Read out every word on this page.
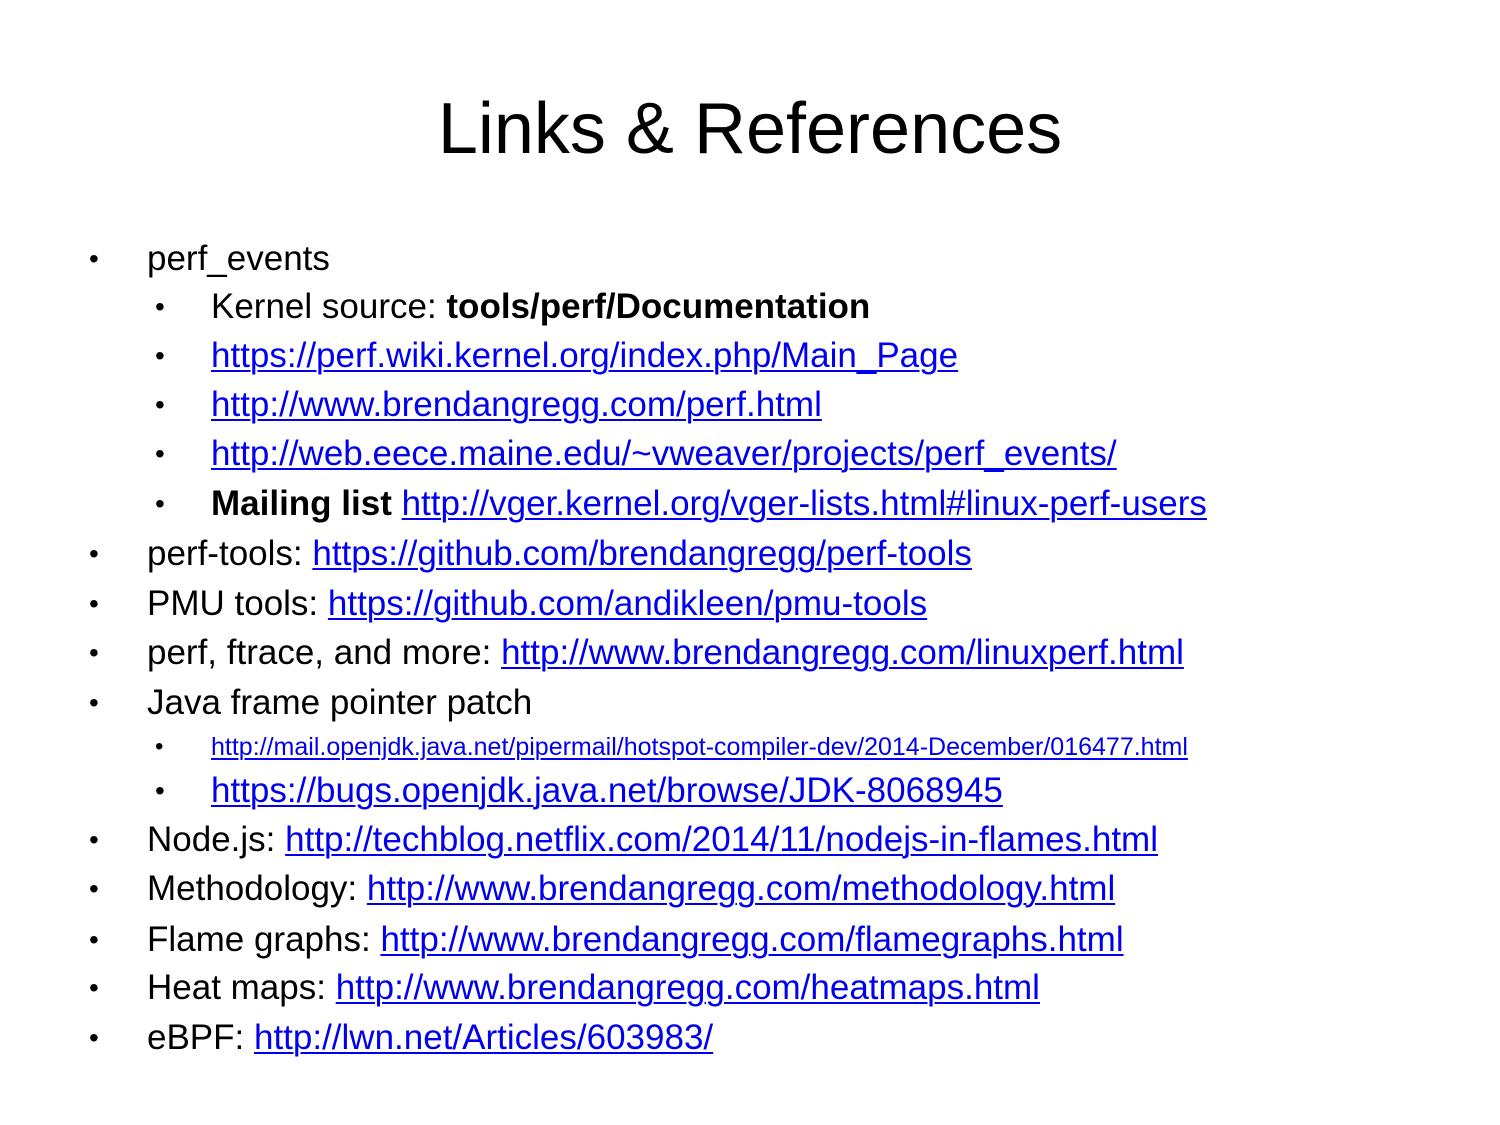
Links & References
• perf_events
• Kernel source: tools/perf/Documentation
• https://perf.wiki.kernel.org/index.php/Main_Page
• http://www.brendangregg.com/perf.html
• http://web.eece.maine.edu/~vweaver/projects/perf_events/
• Mailing list http://vger.kernel.org/vger-lists.html#linux-perf-users
• perf-tools: https://github.com/brendangregg/perf-tools
• PMU tools: https://github.com/andikleen/pmu-tools
• perf, ftrace, and more: http://www.brendangregg.com/linuxperf.html
• Java frame pointer patch
• http://mail.openjdk.java.net/pipermail/hotspot-compiler-dev/2014-December/016477.html
• https://bugs.openjdk.java.net/browse/JDK-8068945
• Node.js: http://techblog.netflix.com/2014/11/nodejs-in-flames.html
• Methodology: http://www.brendangregg.com/methodology.html
• Flame graphs: http://www.brendangregg.com/flamegraphs.html
• Heat maps: http://www.brendangregg.com/heatmaps.html
• eBPF: http://lwn.net/Articles/603983/
